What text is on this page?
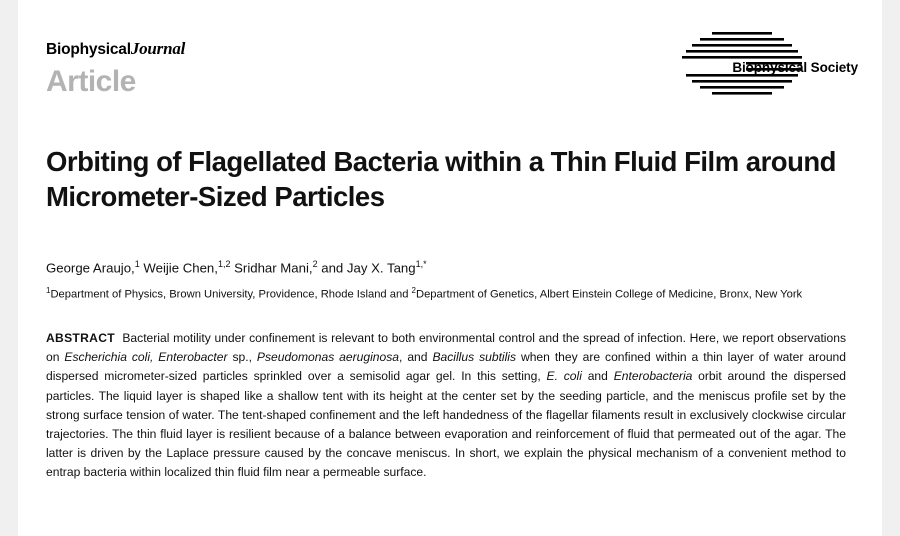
BiophysicalJournal
Article	Biophysical Society
Orbiting of Flagellated Bacteria within a Thin Fluid Film around Micrometer-Sized Particles
George Araujo,$^1$ Weijie Chen,$^{1,2}$ Sridhar Mani,$^2$ and Jay X. Tang$^{1,*}$
$^1$Department of Physics, Brown University, Providence, Rhode Island and $^2$Department of Genetics, Albert Einstein College of Medicine, Bronx, New York
ABSTRACT Bacterial motility under confinement is relevant to both environmental control and the spread of infection. Here, we report observations on Escherichia coli, Enterobacter sp., Pseudomonas aeruginosa, and Bacillus subtilis when they are confined within a thin layer of water around dispersed micrometer-sized particles sprinkled over a semisolid agar gel. In this setting, E. coli and Enterobacteria orbit around the dispersed particles. The liquid layer is shaped like a shallow tent with its height at the center set by the seeding particle, and the meniscus profile set by the strong surface tension of water. The tent-shaped confinement and the left handedness of the flagellar filaments result in exclusively clockwise circular trajectories. The thin fluid layer is resilient because of a balance between evaporation and reinforcement of fluid that permeated out of the agar. The latter is driven by the Laplace pressure caused by the concave meniscus. In short, we explain the physical mechanism of a convenient method to entrap bacteria within localized thin fluid film near a permeable surface.
